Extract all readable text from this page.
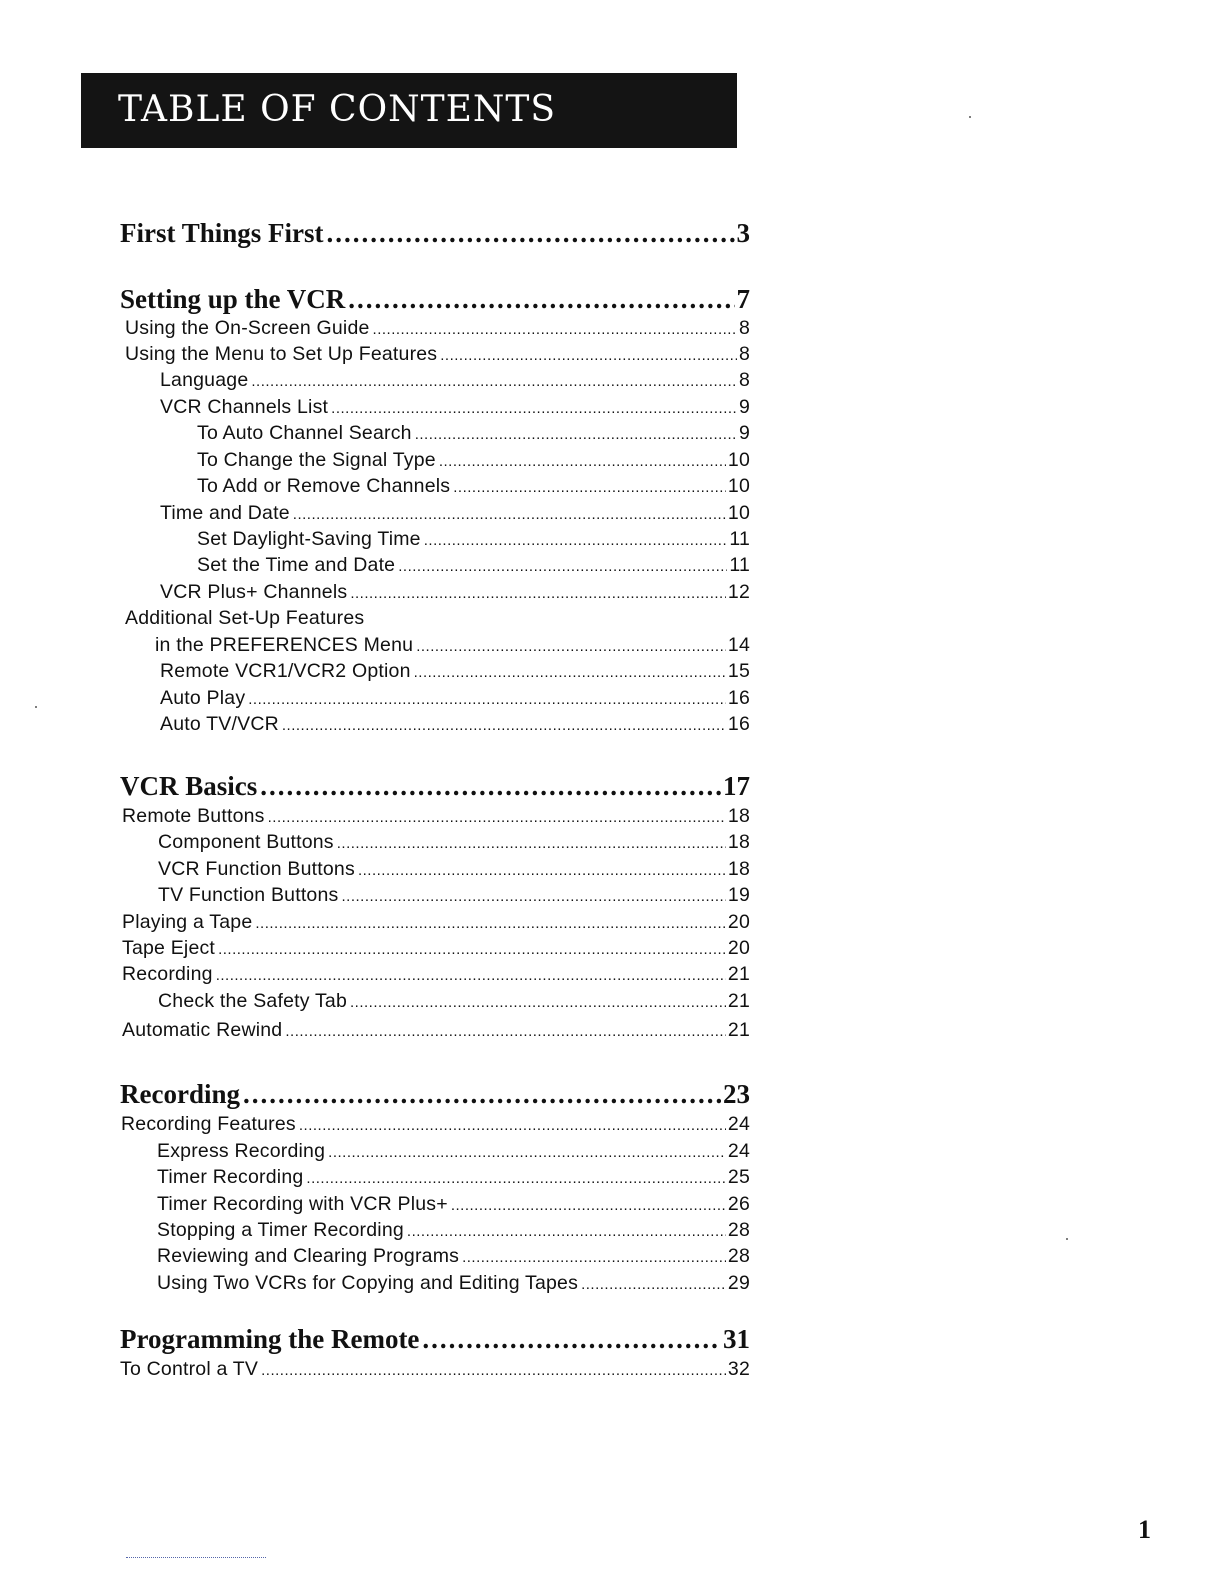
TABLE OF CONTENTS
First Things First .....	3
Setting up the VCR .....	7
Using the On-Screen Guide .....	8
Using the Menu to Set Up Features .....	8
Language .....	8
VCR Channels List .....	9
To Auto Channel Search .....	9
To Change the Signal Type .....	10
To Add or Remove Channels .....	10
Time and Date .....	10
Set Daylight-Saving Time .....	11
Set the Time and Date .....	11
VCR Plus+ Channels .....	12
Additional Set-Up Features
in the PREFERENCES Menu .....	14
Remote VCR1/VCR2 Option .....	15
Auto Play .....	16
Auto TV/VCR .....	16
VCR Basics .....	17
Remote Buttons .....	18
Component Buttons .....	18
VCR Function Buttons .....	18
TV Function Buttons .....	19
Playing a Tape .....	20
Tape Eject .....	20
Recording .....	21
Check the Safety Tab .....	21
Automatic Rewind .....	21
Recording .....	23
Recording Features .....	24
Express Recording .....	24
Timer Recording .....	25
Timer Recording with VCR Plus+ .....	26
Stopping a Timer Recording .....	28
Reviewing and Clearing Programs .....	28
Using Two VCRs for Copying and Editing Tapes .....	29
Programming the Remote .....	31
To Control a TV .....	32
1
